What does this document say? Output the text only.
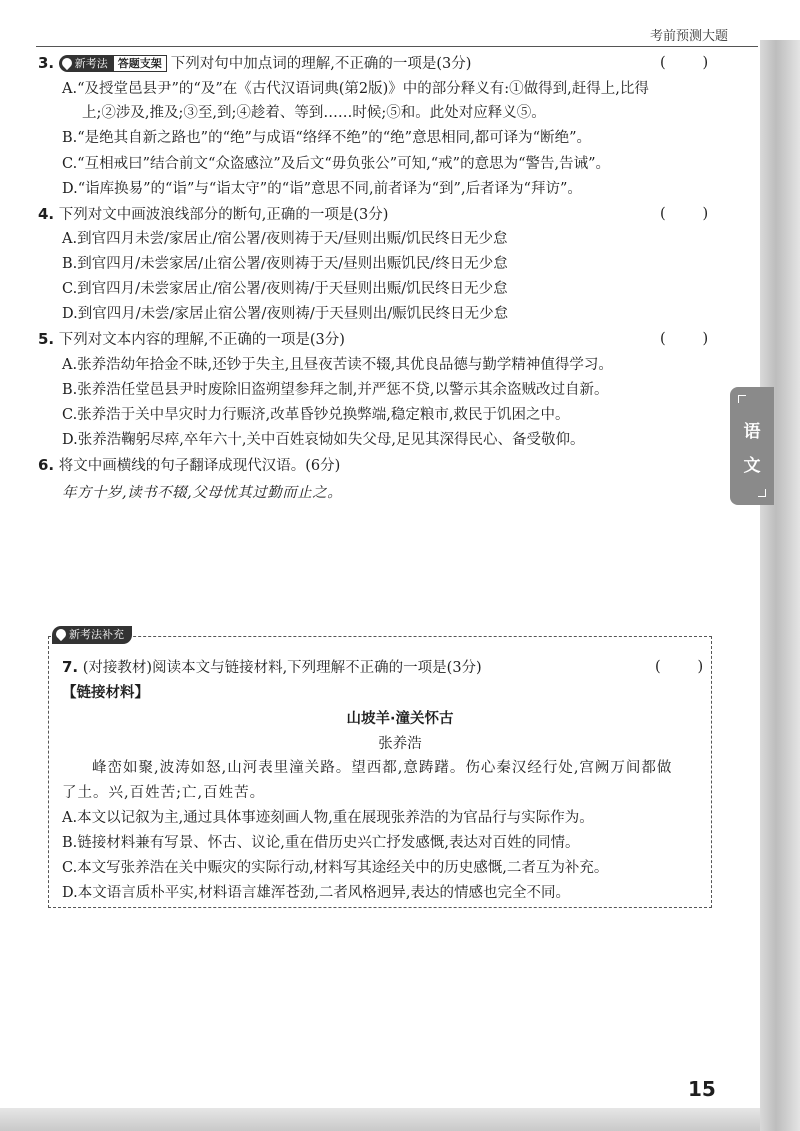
考前预测大题
语
文
3. 新考法 答题支架 下列对句中加点词的理解,不正确的一项是(3分)	(        )
A.“及授堂邑县尹”的“及”在《古代汉语词典(第2版)》中的部分释义有:①做得到,赶得上,比得
上;②涉及,推及;③至,到;④趁着、等到……时候;⑤和。此处对应释义⑤。
B.“是绝其自新之路也”的“绝”与成语“络绎不绝”的“绝”意思相同,都可译为“断绝”。
C.“互相戒曰”结合前文“众盗感泣”及后文“毋负张公”可知,“戒”的意思为“警告,告诫”。
D.“诣库换易”的“诣”与“诣太守”的“诣”意思不同,前者译为“到”,后者译为“拜访”。
4. 下列对文中画波浪线部分的断句,正确的一项是(3分)	(        )
A.到官四月未尝/家居止/宿公署/夜则祷于天/昼则出赈/饥民终日无少怠
B.到官四月/未尝家居/止宿公署/夜则祷于天/昼则出赈饥民/终日无少怠
C.到官四月/未尝家居止/宿公署/夜则祷/于天昼则出赈/饥民终日无少怠
D.到官四月/未尝/家居止宿公署/夜则祷/于天昼则出/赈饥民终日无少怠
5. 下列对文本内容的理解,不正确的一项是(3分)	(        )
A.张养浩幼年拾金不昧,还钞于失主,且昼夜苦读不辍,其优良品德与勤学精神值得学习。
B.张养浩任堂邑县尹时废除旧盗朔望参拜之制,并严惩不贷,以警示其余盗贼改过自新。
C.张养浩于关中旱灾时力行赈济,改革昏钞兑换弊端,稳定粮市,救民于饥困之中。
D.张养浩鞠躬尽瘁,卒年六十,关中百姓哀恸如失父母,足见其深得民心、备受敬仰。
6. 将文中画横线的句子翻译成现代汉语。(6分)
年方十岁,读书不辍,父母忧其过勤而止之。
新考法补充
7. (对接教材)阅读本文与链接材料,下列理解不正确的一项是(3分)	(        )
【链接材料】
山坡羊·潼关怀古
张养浩
峰峦如聚,波涛如怒,山河表里潼关路。望西都,意踌躇。伤心秦汉经行处,宫阙万间都做
了土。兴,百姓苦;亡,百姓苦。
A.本文以记叙为主,通过具体事迹刻画人物,重在展现张养浩的为官品行与实际作为。
B.链接材料兼有写景、怀古、议论,重在借历史兴亡抒发感慨,表达对百姓的同情。
C.本文写张养浩在关中赈灾的实际行动,材料写其途经关中的历史感慨,二者互为补充。
D.本文语言质朴平实,材料语言雄浑苍劲,二者风格迥异,表达的情感也完全不同。
15
